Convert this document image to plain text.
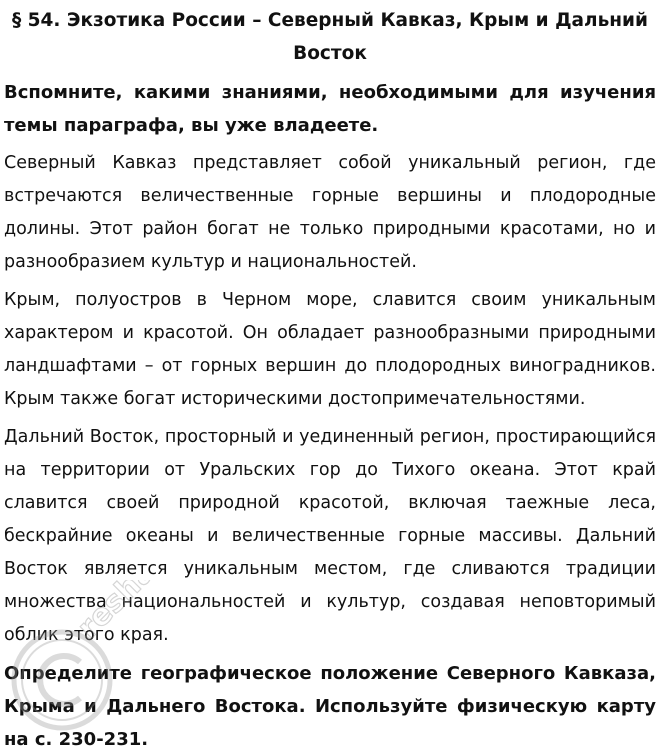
§ 54. Экзотика России – Северный Кавказ, Крым и Дальний Восток
Вспомните, какими знаниями, необходимыми для изучения темы параграфа, вы уже владеете.
Северный Кавказ представляет собой уникальный регион, где встречаются величественные горные вершины и плодородные долины. Этот район богат не только природными красотами, но и разнообразием культур и национальностей.
Крым, полуостров в Черном море, славится своим уникальным характером и красотой. Он обладает разнообразными природными ландшафтами – от горных вершин до плодородных виноградников. Крым также богат историческими достопримечательностями.
Дальний Восток, просторный и уединенный регион, простирающийся на территории от Уральских гор до Тихого океана. Этот край славится своей природной красотой, включая таежные леса, бескрайние океаны и величественные горные массивы. Дальний Восток является уникальным местом, где сливаются традиции множества национальностей и культур, создавая неповторимый облик этого края.
Определите географическое положение Северного Кавказа, Крыма и Дальнего Востока. Используйте физическую карту на с. 230-231.
